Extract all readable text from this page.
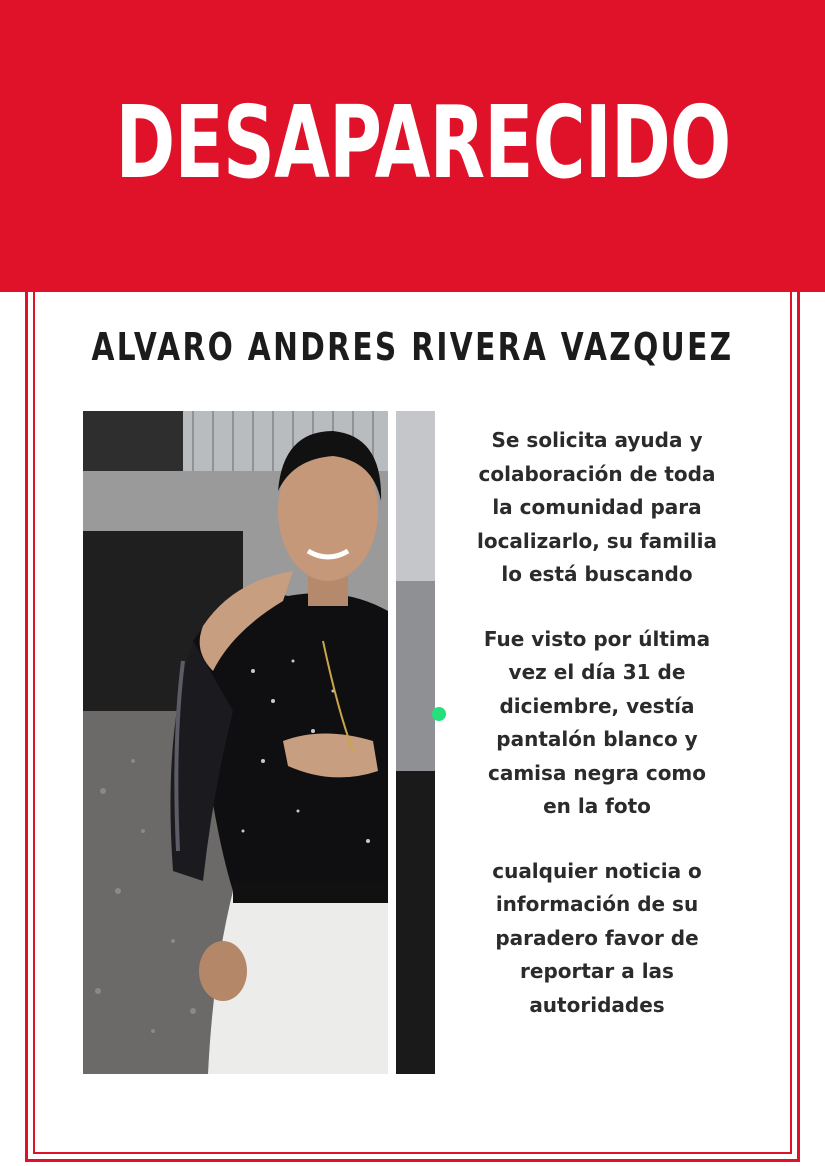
DESAPARECIDO
ALVARO ANDRES RIVERA VAZQUEZ

Se solicita ayuda y
colaboración de toda
la comunidad para
localizarlo, su familia
lo está buscando

Fue visto por última
vez el día 31 de
diciembre, vestía
pantalón blanco y
camisa negra como
en la foto

cualquier noticia o
información de su
paradero favor de
reportar a las
autoridades
